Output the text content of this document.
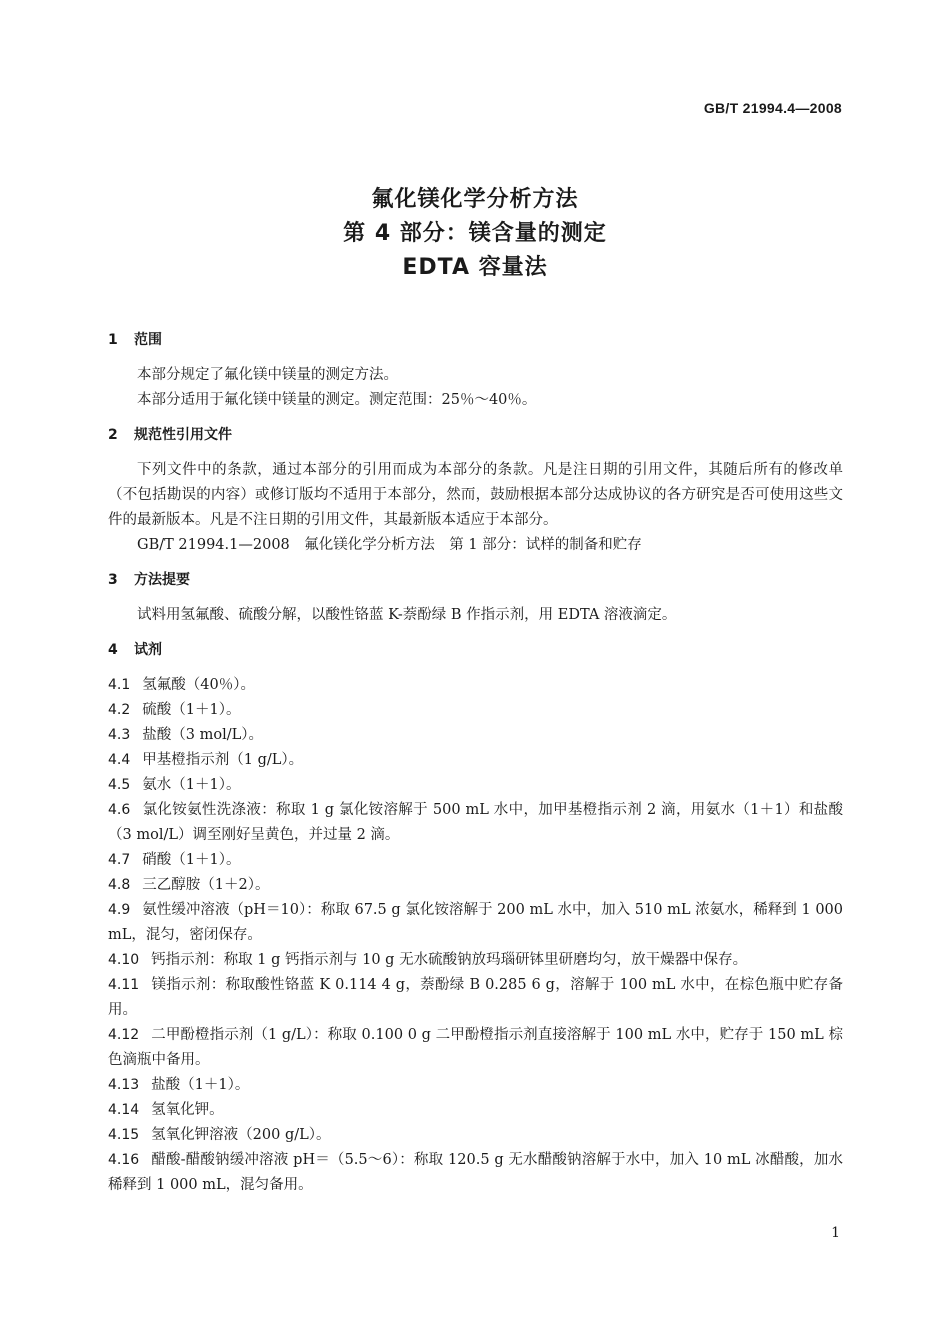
GB/T 21994.4—2008
氟化镁化学分析方法
第 4 部分：镁含量的测定
EDTA 容量法
1 范围

本部分规定了氟化镁中镁量的测定方法。

本部分适用于氟化镁中镁量的测定。测定范围：25％～40％。

2 规范性引用文件

下列文件中的条款，通过本部分的引用而成为本部分的条款。凡是注日期的引用文件，其随后所有的修改单（不包括勘误的内容）或修订版均不适用于本部分，然而，鼓励根据本部分达成协议的各方研究是否可使用这些文件的最新版本。凡是不注日期的引用文件，其最新版本适应于本部分。

GB/T 21994.1—2008　氟化镁化学分析方法　第 1 部分：试样的制备和贮存

3 方法提要

试料用氢氟酸、硫酸分解，以酸性铬蓝 K-萘酚绿 B 作指示剂，用 EDTA 溶液滴定。

4 试剂

4.1 氢氟酸（40％）。

4.2 硫酸（1＋1）。

4.3 盐酸（3 mol/L）。

4.4 甲基橙指示剂（1 g/L）。

4.5 氨水（1＋1）。

4.6 氯化铵氨性洗涤液：称取 1 g 氯化铵溶解于 500 mL 水中，加甲基橙指示剂 2 滴，用氨水（1＋1）和盐酸（3 mol/L）调至刚好呈黄色，并过量 2 滴。

4.7 硝酸（1＋1）。

4.8 三乙醇胺（1＋2）。

4.9 氨性缓冲溶液（pH＝10）：称取 67.5 g 氯化铵溶解于 200 mL 水中，加入 510 mL 浓氨水，稀释到 1 000 mL，混匀，密闭保存。

4.10 钙指示剂：称取 1 g 钙指示剂与 10 g 无水硫酸钠放玛瑙研钵里研磨均匀，放干燥器中保存。

4.11 镁指示剂：称取酸性铬蓝 K 0.114 4 g，萘酚绿 B 0.285 6 g，溶解于 100 mL 水中，在棕色瓶中贮存备用。

4.12 二甲酚橙指示剂（1 g/L）：称取 0.100 0 g 二甲酚橙指示剂直接溶解于 100 mL 水中，贮存于 150 mL 棕色滴瓶中备用。

4.13 盐酸（1＋1）。

4.14 氢氧化钾。

4.15 氢氧化钾溶液（200 g/L）。

4.16 醋酸-醋酸钠缓冲溶液 pH＝（5.5～6）：称取 120.5 g 无水醋酸钠溶解于水中，加入 10 mL 冰醋酸，加水稀释到 1 000 mL，混匀备用。

1
